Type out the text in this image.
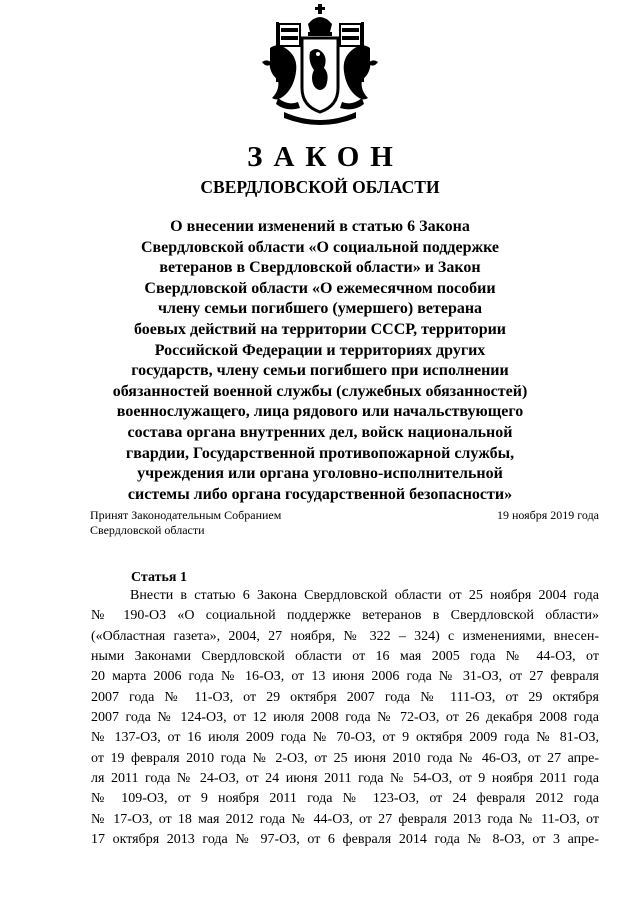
ЗАКОН
СВЕРДЛОВСКОЙ ОБЛАСТИ
О внесении изменений в статью 6 Закона
Свердловской области «О социальной поддержке
ветеранов в Свердловской области» и Закон
Свердловской области «О ежемесячном пособии
члену семьи погибшего (умершего) ветерана
боевых действий на территории СССР, территории
Российской Федерации и территориях других
государств, члену семьи погибшего при исполнении
обязанностей военной службы (служебных обязанностей)
военнослужащего, лица рядового или начальствующего
состава органа внутренних дел, войск национальной
гвардии, Государственной противопожарной службы,
учреждения или органа уголовно-исполнительной
системы либо органа государственной безопасности»
Принят Законодательным Собранием
Свердловской области
19 ноября 2019 года
Статья 1
Внести в статью 6 Закона Свердловской области от 25 ноября 2004 года
№ 190-ОЗ «О социальной поддержке ветеранов в Свердловской области»
(«Областная газета», 2004, 27 ноября, № 322 – 324) с изменениями, внесен-
ными Законами Свердловской области от 16 мая 2005 года № 44-ОЗ, от
20 марта 2006 года № 16-ОЗ, от 13 июня 2006 года № 31-ОЗ, от 27 февраля
2007 года № 11-ОЗ, от 29 октября 2007 года № 111-ОЗ, от 29 октября
2007 года № 124-ОЗ, от 12 июля 2008 года № 72-ОЗ, от 26 декабря 2008 года
№ 137-ОЗ, от 16 июля 2009 года № 70-ОЗ, от 9 октября 2009 года № 81-ОЗ,
от 19 февраля 2010 года № 2-ОЗ, от 25 июня 2010 года № 46-ОЗ, от 27 апре-
ля 2011 года № 24-ОЗ, от 24 июня 2011 года № 54-ОЗ, от 9 ноября 2011 года
№ 109-ОЗ, от 9 ноября 2011 года № 123-ОЗ, от 24 февраля 2012 года
№ 17-ОЗ, от 18 мая 2012 года № 44-ОЗ, от 27 февраля 2013 года № 11-ОЗ, от
17 октября 2013 года № 97-ОЗ, от 6 февраля 2014 года № 8-ОЗ, от 3 апре-
